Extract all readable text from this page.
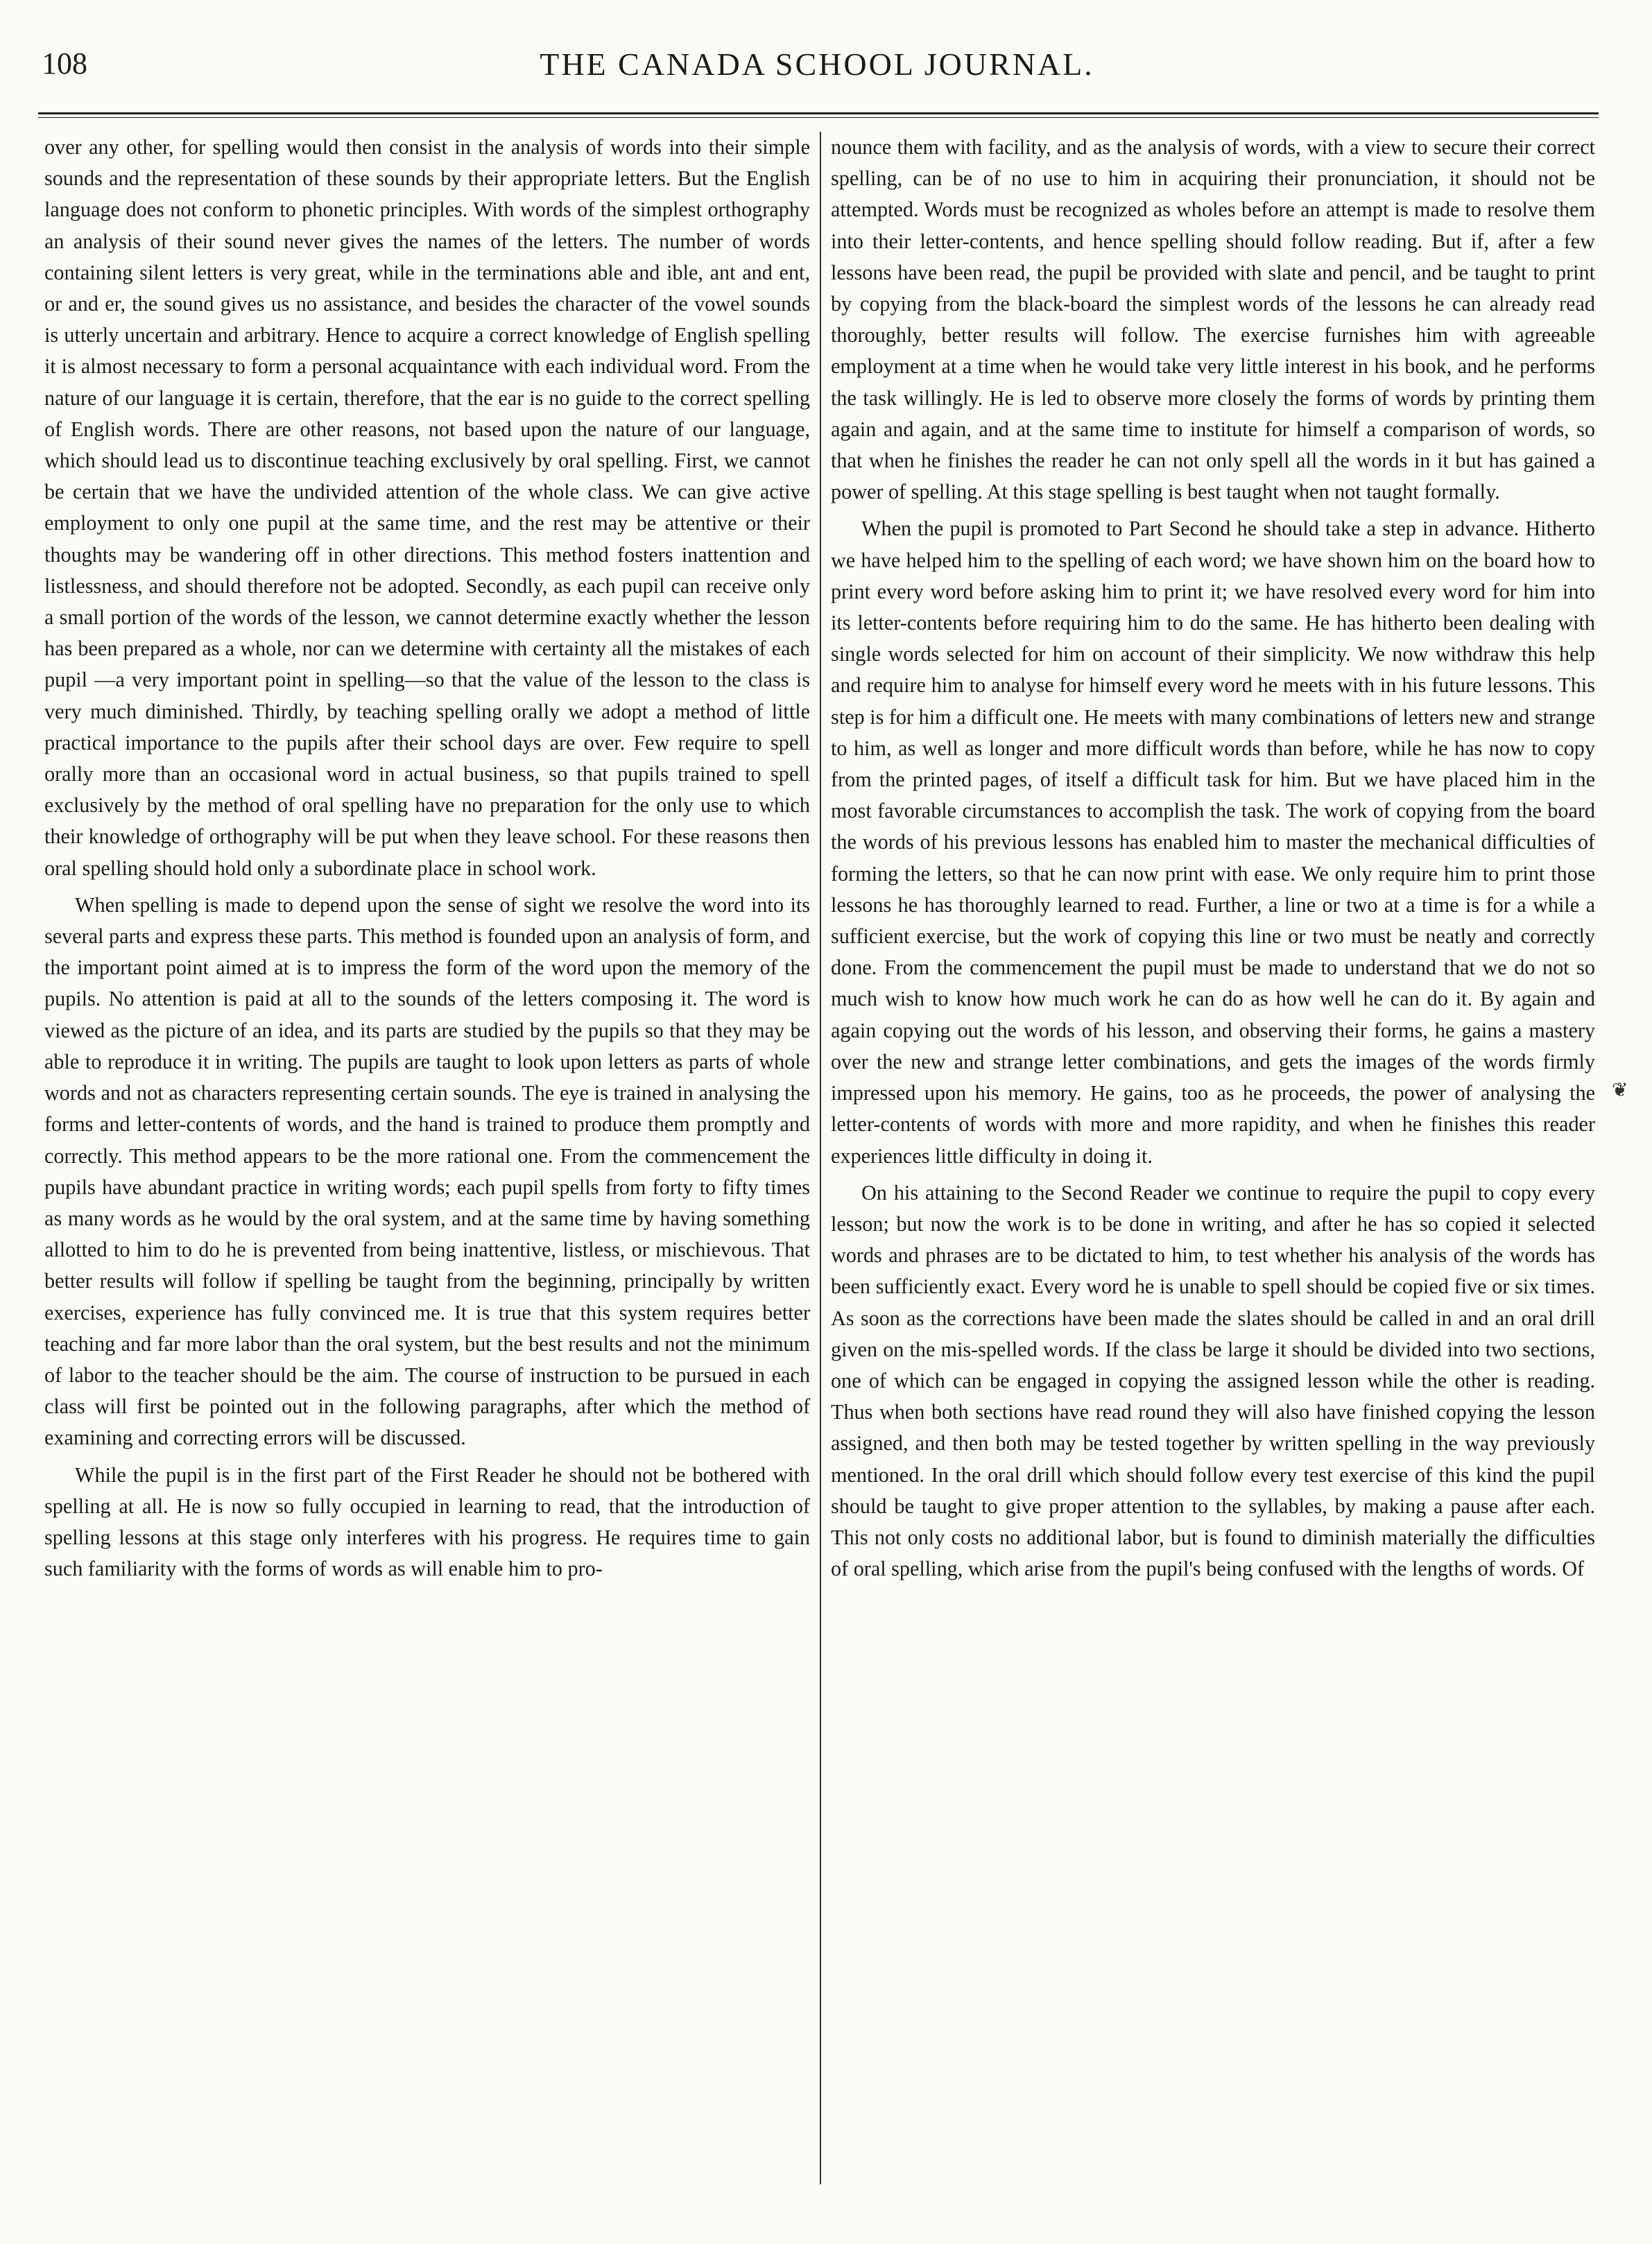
108	THE CANADA SCHOOL JOURNAL.

over any other, for spelling would then consist in the analysis of words into their simple sounds and the representation of these sounds by their appropriate letters. But the English language does not conform to phonetic principles. With words of the simplest orthography an analysis of their sound never gives the names of the letters. The number of words containing silent letters is very great, while in the terminations able and ible, ant and ent, or and er, the sound gives us no assistance, and besides the character of the vowel sounds is utterly uncertain and arbitrary. Hence to acquire a correct knowledge of English spelling it is almost necessary to form a personal acquaintance with each individual word. From the nature of our language it is certain, therefore, that the ear is no guide to the correct spelling of English words. There are other reasons, not based upon the nature of our language, which should lead us to discontinue teaching exclusively by oral spelling. First, we cannot be certain that we have the undivided attention of the whole class. We can give active employment to only one pupil at the same time, and the rest may be attentive or their thoughts may be wandering off in other directions. This method fosters inattention and listlessness, and should therefore not be adopted. Secondly, as each pupil can receive only a small portion of the words of the lesson, we cannot determine exactly whether the lesson has been prepared as a whole, nor can we determine with certainty all the mistakes of each pupil —a very important point in spelling—so that the value of the lesson to the class is very much diminished. Thirdly, by teaching spelling orally we adopt a method of little practical importance to the pupils after their school days are over. Few require to spell orally more than an occasional word in actual business, so that pupils trained to spell exclusively by the method of oral spelling have no preparation for the only use to which their knowledge of orthography will be put when they leave school. For these reasons then oral spelling should hold only a subordinate place in school work.

When spelling is made to depend upon the sense of sight we resolve the word into its several parts and express these parts. This method is founded upon an analysis of form, and the important point aimed at is to impress the form of the word upon the memory of the pupils. No attention is paid at all to the sounds of the letters composing it. The word is viewed as the picture of an idea, and its parts are studied by the pupils so that they may be able to reproduce it in writing. The pupils are taught to look upon letters as parts of whole words and not as characters representing certain sounds. The eye is trained in analysing the forms and letter-contents of words, and the hand is trained to produce them promptly and correctly. This method appears to be the more rational one. From the commencement the pupils have abundant practice in writing words; each pupil spells from forty to fifty times as many words as he would by the oral system, and at the same time by having something allotted to him to do he is prevented from being inattentive, listless, or mischievous. That better results will follow if spelling be taught from the beginning, principally by written exercises, experience has fully convinced me. It is true that this system requires better teaching and far more labor than the oral system, but the best results and not the minimum of labor to the teacher should be the aim. The course of instruction to be pursued in each class will first be pointed out in the following paragraphs, after which the method of examining and correcting errors will be discussed.

While the pupil is in the first part of the First Reader he should not be bothered with spelling at all. He is now so fully occupied in learning to read, that the introduction of spelling lessons at this stage only interferes with his progress. He requires time to gain such familiarity with the forms of words as will enable him to pro-

nounce them with facility, and as the analysis of words, with a view to secure their correct spelling, can be of no use to him in acquiring their pronunciation, it should not be attempted. Words must be recognized as wholes before an attempt is made to resolve them into their letter-contents, and hence spelling should follow reading. But if, after a few lessons have been read, the pupil be provided with slate and pencil, and be taught to print by copying from the black-board the simplest words of the lessons he can already read thoroughly, better results will follow. The exercise furnishes him with agreeable employment at a time when he would take very little interest in his book, and he performs the task willingly. He is led to observe more closely the forms of words by printing them again and again, and at the same time to institute for himself a comparison of words, so that when he finishes the reader he can not only spell all the words in it but has gained a power of spelling. At this stage spelling is best taught when not taught formally.

When the pupil is promoted to Part Second he should take a step in advance. Hitherto we have helped him to the spelling of each word; we have shown him on the board how to print every word before asking him to print it; we have resolved every word for him into its letter-contents before requiring him to do the same. He has hitherto been dealing with single words selected for him on account of their simplicity. We now withdraw this help and require him to analyse for himself every word he meets with in his future lessons. This step is for him a difficult one. He meets with many combinations of letters new and strange to him, as well as longer and more difficult words than before, while he has now to copy from the printed pages, of itself a difficult task for him. But we have placed him in the most favorable circumstances to accomplish the task. The work of copying from the board the words of his previous lessons has enabled him to master the mechanical difficulties of forming the letters, so that he can now print with ease. We only require him to print those lessons he has thoroughly learned to read. Further, a line or two at a time is for a while a sufficient exercise, but the work of copying this line or two must be neatly and correctly done. From the commencement the pupil must be made to understand that we do not so much wish to know how much work he can do as how well he can do it. By again and again copying out the words of his lesson, and observing their forms, he gains a mastery over the new and strange letter combinations, and gets the images of the words firmly impressed upon his memory. He gains, too as he proceeds, the power of analysing the letter-contents of words with more and more rapidity, and when he finishes this reader experiences little difficulty in doing it.

On his attaining to the Second Reader we continue to require the pupil to copy every lesson; but now the work is to be done in writing, and after he has so copied it selected words and phrases are to be dictated to him, to test whether his analysis of the words has been sufficiently exact. Every word he is unable to spell should be copied five or six times. As soon as the corrections have been made the slates should be called in and an oral drill given on the mis-spelled words. If the class be large it should be divided into two sections, one of which can be engaged in copying the assigned lesson while the other is reading. Thus when both sections have read round they will also have finished copying the lesson assigned, and then both may be tested together by written spelling in the way previously mentioned. In the oral drill which should follow every test exercise of this kind the pupil should be taught to give proper attention to the syllables, by making a pause after each. This not only costs no additional labor, but is found to diminish materially the difficulties of oral spelling, which arise from the pupil's being confused with the lengths of words. Of

❦
